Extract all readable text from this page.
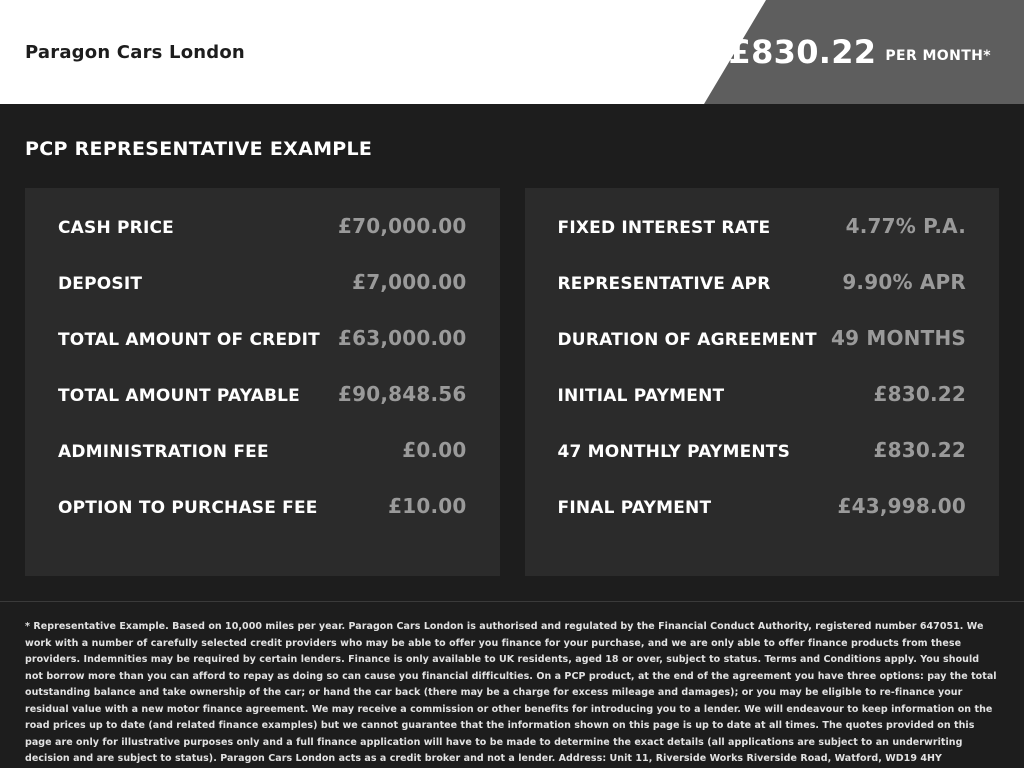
Paragon Cars London	£830.22 PER MONTH*
PCP REPRESENTATIVE EXAMPLE
CASH PRICE	£70,000.00
DEPOSIT	£7,000.00
TOTAL AMOUNT OF CREDIT £63,000.00
TOTAL AMOUNT PAYABLE £90,848.56
ADMINISTRATION FEE	£0.00
OPTION TO PURCHASE FEE	£10.00
FIXED INTEREST RATE	4.77% P.A.
REPRESENTATIVE APR	9.90% APR
DURATION OF AGREEMENT 49 MONTHS
INITIAL PAYMENT	£830.22
47 MONTHLY PAYMENTS	£830.22
FINAL PAYMENT	£43,998.00
* Representative Example. Based on 10,000 miles per year. Paragon Cars London is authorised and regulated by the Financial Conduct Authority, registered number 647051. We work with a number of carefully selected credit providers who may be able to offer you finance for your purchase, and we are only able to offer finance products from these providers. Indemnities may be required by certain lenders. Finance is only available to UK residents, aged 18 or over, subject to status. Terms and Conditions apply. You should not borrow more than you can afford to repay as doing so can cause you financial difficulties. On a PCP product, at the end of the agreement you have three options: pay the total outstanding balance and take ownership of the car; or hand the car back (there may be a charge for excess mileage and damages); or you may be eligible to re-finance your residual value with a new motor finance agreement. We may receive a commission or other benefits for introducing you to a lender. We will endeavour to keep information on the road prices up to date (and related finance examples) but we cannot guarantee that the information shown on this page is up to date at all times. The quotes provided on this page are only for illustrative purposes only and a full finance application will have to be made to determine the exact details (all applications are subject to an underwriting decision and are subject to status). Paragon Cars London acts as a credit broker and not a lender. Address: Unit 11, Riverside Works Riverside Road, Watford, WD19 4HY
